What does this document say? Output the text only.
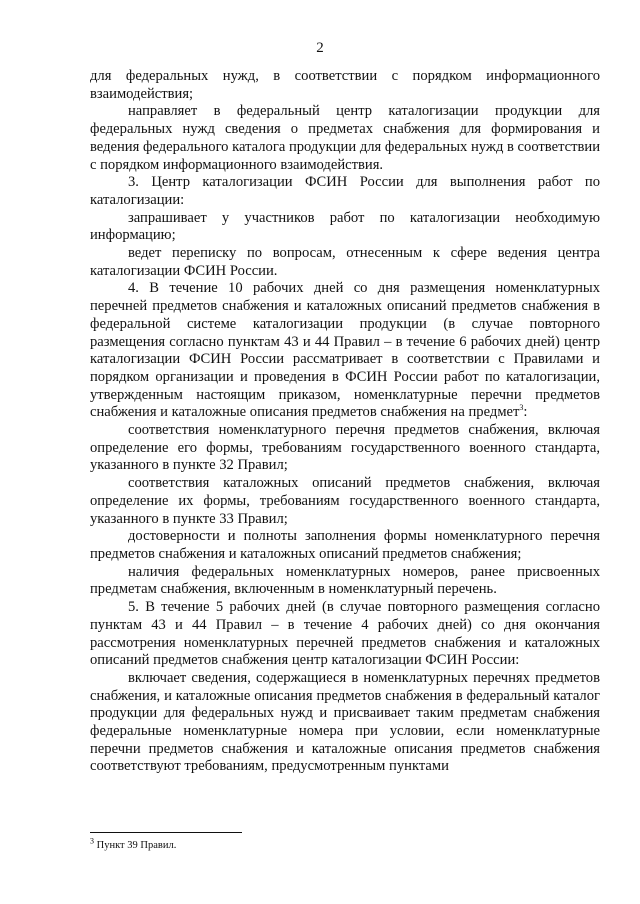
2

для федеральных нужд, в соответствии с порядком информационного взаимодействия;

направляет в федеральный центр каталогизации продукции для федеральных нужд сведения о предметах снабжения для формирования и ведения федерального каталога продукции для федеральных нужд в соответствии с порядком информационного взаимодействия.

3. Центр каталогизации ФСИН России для выполнения работ по каталогизации:

запрашивает у участников работ по каталогизации необходимую информацию;

ведет переписку по вопросам, отнесенным к сфере ведения центра каталогизации ФСИН России.

4. В течение 10 рабочих дней со дня размещения номенклатурных перечней предметов снабжения и каталожных описаний предметов снабжения в федеральной системе каталогизации продукции (в случае повторного размещения согласно пунктам 43 и 44 Правил – в течение 6 рабочих дней) центр каталогизации ФСИН России рассматривает в соответствии с Правилами и порядком организации и проведения в ФСИН России работ по каталогизации, утвержденным настоящим приказом, номенклатурные перечни предметов снабжения и каталожные описания предметов снабжения на предмет$^3$:

соответствия номенклатурного перечня предметов снабжения, включая определение его формы, требованиям государственного военного стандарта, указанного в пункте 32 Правил;

соответствия каталожных описаний предметов снабжения, включая определение их формы, требованиям государственного военного стандарта, указанного в пункте 33 Правил;

достоверности и полноты заполнения формы номенклатурного перечня предметов снабжения и каталожных описаний предметов снабжения;

наличия федеральных номенклатурных номеров, ранее присвоенных предметам снабжения, включенным в номенклатурный перечень.

5. В течение 5 рабочих дней (в случае повторного размещения согласно пунктам 43 и 44 Правил – в течение 4 рабочих дней) со дня окончания рассмотрения номенклатурных перечней предметов снабжения и каталожных описаний предметов снабжения центр каталогизации ФСИН России:

включает сведения, содержащиеся в номенклатурных перечнях предметов снабжения, и каталожные описания предметов снабжения в федеральный каталог продукции для федеральных нужд и присваивает таким предметам снабжения федеральные номенклатурные номера при условии, если номенклатурные перечни предметов снабжения и каталожные описания предметов снабжения соответствуют требованиям, предусмотренным пунктами

$^3$ Пункт 39 Правил.
